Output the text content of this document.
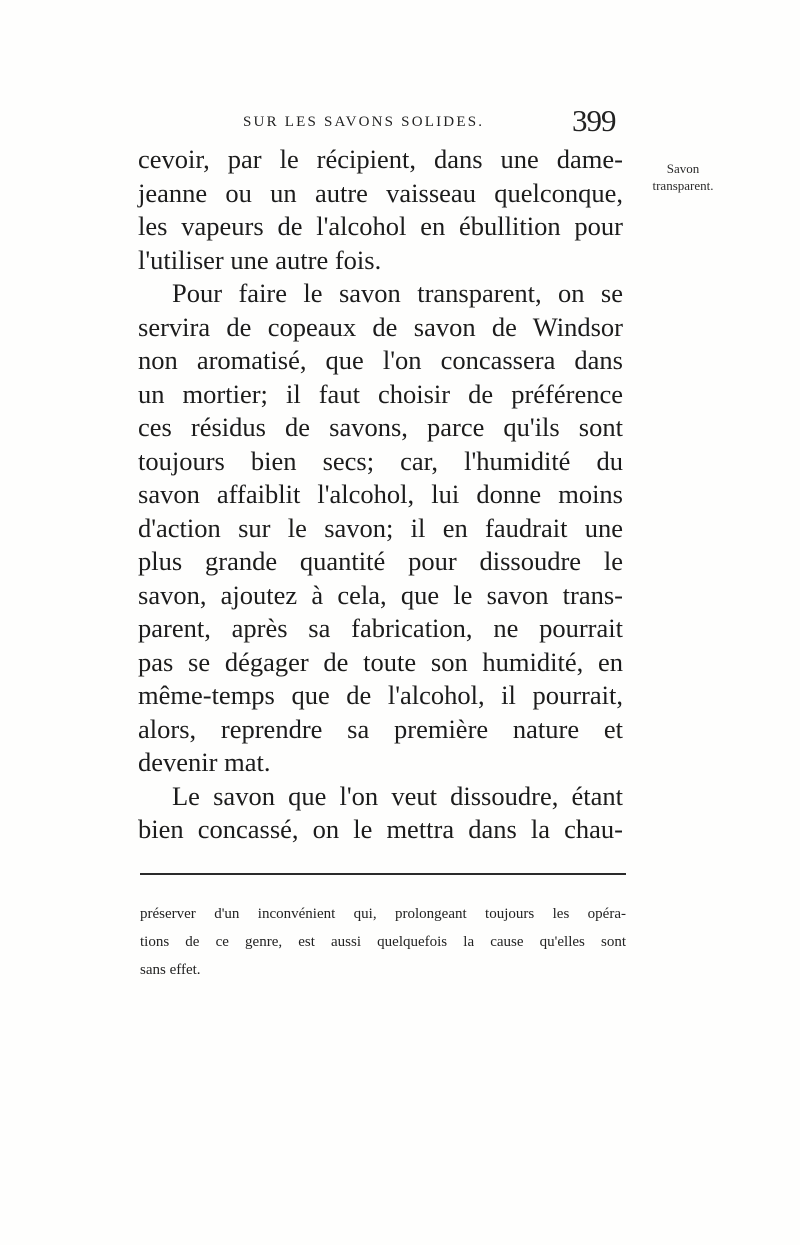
SUR LES SAVONS SOLIDES.	399
Savon
transparent.
cevoir, par le récipient, dans une dame-
jeanne ou un autre vaisseau quelconque,
les vapeurs de l'alcohol en ébullition pour
l'utiliser une autre fois.
Pour faire le savon transparent, on se
servira de copeaux de savon de Windsor
non aromatisé, que l'on concassera dans
un mortier; il faut choisir de préférence
ces résidus de savons, parce qu'ils sont
toujours bien secs; car, l'humidité du
savon affaiblit l'alcohol, lui donne moins
d'action sur le savon; il en faudrait une
plus grande quantité pour dissoudre le
savon, ajoutez à cela, que le savon trans-
parent, après sa fabrication, ne pourrait
pas se dégager de toute son humidité, en
même-temps que de l'alcohol, il pourrait,
alors, reprendre sa première nature et
devenir mat.
Le savon que l'on veut dissoudre, étant
bien concassé, on le mettra dans la chau-
préserver d'un inconvénient qui, prolongeant toujours les opéra-
tions de ce genre, est aussi quelquefois la cause qu'elles sont
sans effet.
